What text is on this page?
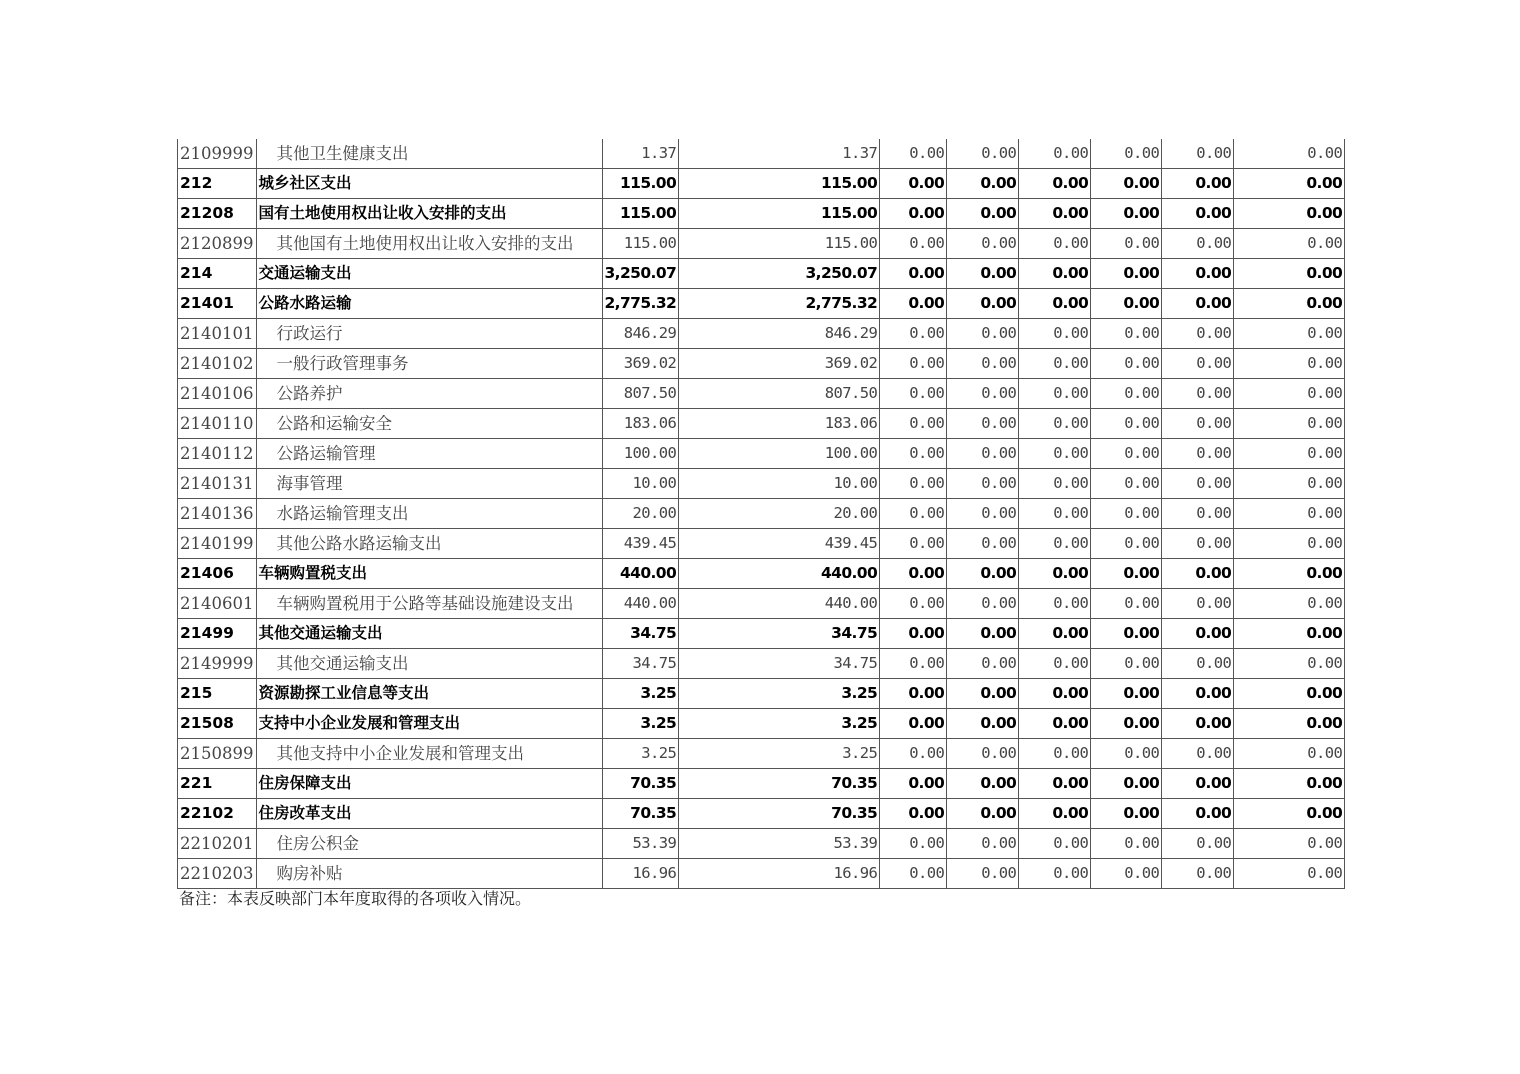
2109999	其他卫生健康支出	1.37	1.37	0.00	0.00	0.00	0.00	0.00	0.00
212	城乡社区支出	115.00	115.00	0.00	0.00	0.00	0.00	0.00	0.00
21208	国有土地使用权出让收入安排的支出	115.00	115.00	0.00	0.00	0.00	0.00	0.00	0.00
2120899	其他国有土地使用权出让收入安排的支出	115.00	115.00	0.00	0.00	0.00	0.00	0.00	0.00
214	交通运输支出	3,250.07	3,250.07	0.00	0.00	0.00	0.00	0.00	0.00
21401	公路水路运输	2,775.32	2,775.32	0.00	0.00	0.00	0.00	0.00	0.00
2140101	行政运行	846.29	846.29	0.00	0.00	0.00	0.00	0.00	0.00
2140102	一般行政管理事务	369.02	369.02	0.00	0.00	0.00	0.00	0.00	0.00
2140106	公路养护	807.50	807.50	0.00	0.00	0.00	0.00	0.00	0.00
2140110	公路和运输安全	183.06	183.06	0.00	0.00	0.00	0.00	0.00	0.00
2140112	公路运输管理	100.00	100.00	0.00	0.00	0.00	0.00	0.00	0.00
2140131	海事管理	10.00	10.00	0.00	0.00	0.00	0.00	0.00	0.00
2140136	水路运输管理支出	20.00	20.00	0.00	0.00	0.00	0.00	0.00	0.00
2140199	其他公路水路运输支出	439.45	439.45	0.00	0.00	0.00	0.00	0.00	0.00
21406	车辆购置税支出	440.00	440.00	0.00	0.00	0.00	0.00	0.00	0.00
2140601	车辆购置税用于公路等基础设施建设支出	440.00	440.00	0.00	0.00	0.00	0.00	0.00	0.00
21499	其他交通运输支出	34.75	34.75	0.00	0.00	0.00	0.00	0.00	0.00
2149999	其他交通运输支出	34.75	34.75	0.00	0.00	0.00	0.00	0.00	0.00
215	资源勘探工业信息等支出	3.25	3.25	0.00	0.00	0.00	0.00	0.00	0.00
21508	支持中小企业发展和管理支出	3.25	3.25	0.00	0.00	0.00	0.00	0.00	0.00
2150899	其他支持中小企业发展和管理支出	3.25	3.25	0.00	0.00	0.00	0.00	0.00	0.00
221	住房保障支出	70.35	70.35	0.00	0.00	0.00	0.00	0.00	0.00
22102	住房改革支出	70.35	70.35	0.00	0.00	0.00	0.00	0.00	0.00
2210201	住房公积金	53.39	53.39	0.00	0.00	0.00	0.00	0.00	0.00
2210203	购房补贴	16.96	16.96	0.00	0.00	0.00	0.00	0.00	0.00
备注：本表反映部门本年度取得的各项收入情况。
